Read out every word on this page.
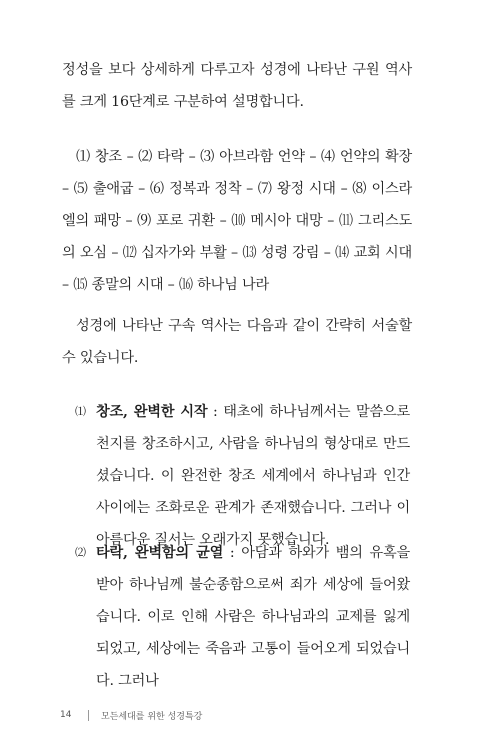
정성을 보다 상세하게 다루고자 성경에 나타난 구원 역사를 크게 16단계로 구분하여 설명합니다.

⑴ 창조 – ⑵ 타락 – ⑶ 아브라함 언약 – ⑷ 언약의 확장 – ⑸ 출애굽 – ⑹ 정복과 정착 – ⑺ 왕정 시대 – ⑻ 이스라엘의 패망 – ⑼ 포로 귀환 – ⑽ 메시아 대망 – ⑾ 그리스도의 오심 – ⑿ 십자가와 부활 – ⒀ 성령 강림 – ⒁ 교회 시대 – ⒂ 종말의 시대 – ⒃ 하나님 나라

성경에 나타난 구속 역사는 다음과 같이 간략히 서술할 수 있습니다.

⑴ 창조, 완벽한 시작 : 태초에 하나님께서는 말씀으로 천지를 창조하시고, 사람을 하나님의 형상대로 만드셨습니다. 이 완전한 창조 세계에서 하나님과 인간 사이에는 조화로운 관계가 존재했습니다. 그러나 이 아름다운 질서는 오래가지 못했습니다.
⑵ 타락, 완벽함의 균열 : 아담과 하와가 뱀의 유혹을 받아 하나님께 불순종함으로써 죄가 세상에 들어왔습니다. 이로 인해 사람은 하나님과의 교제를 잃게 되었고, 세상에는 죽음과 고통이 들어오게 되었습니다. 그러나
14	모든세대를 위한 성경특강
